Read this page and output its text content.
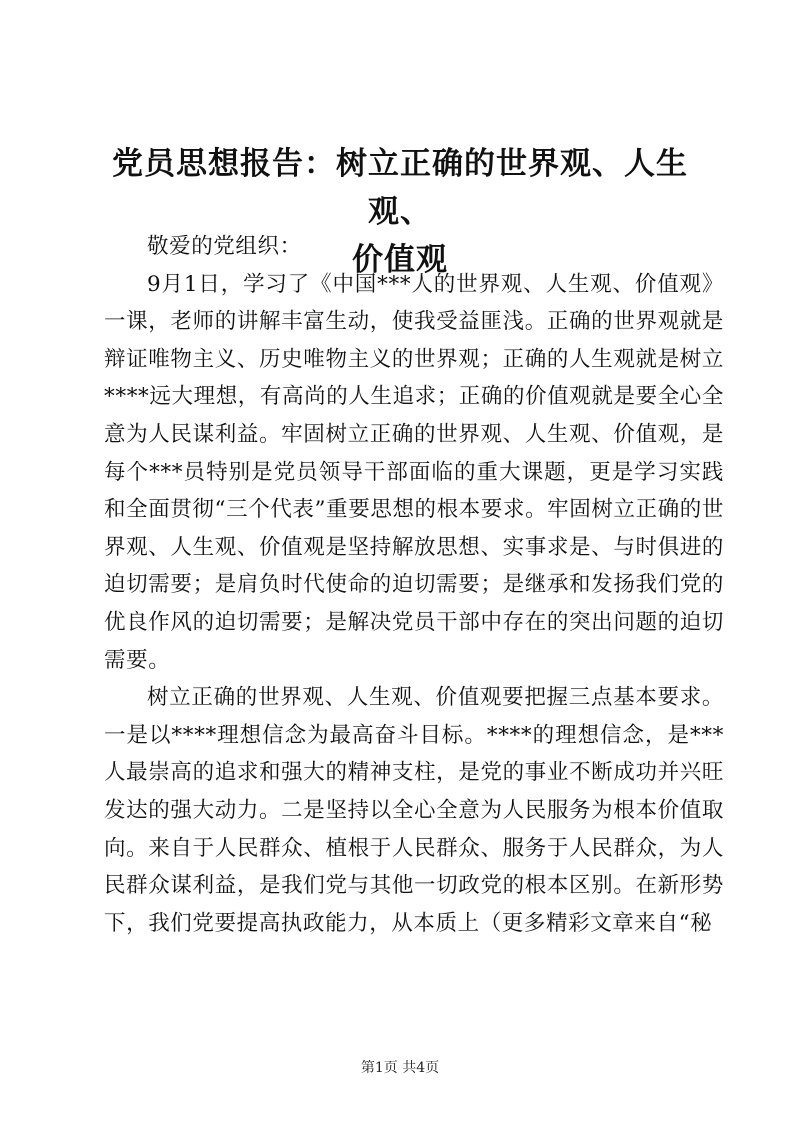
党员思想报告：树立正确的世界观、人生观、
价值观

敬爱的党组织：

9月1日，学习了《中国***人的世界观、人生观、价值观》一课，老师的讲解丰富生动，使我受益匪浅。正确的世界观就是辩证唯物主义、历史唯物主义的世界观；正确的人生观就是树立****远大理想，有高尚的人生追求；正确的价值观就是要全心全意为人民谋利益。牢固树立正确的世界观、人生观、价值观，是每个***员特别是党员领导干部面临的重大课题，更是学习实践和全面贯彻“三个代表”重要思想的根本要求。牢固树立正确的世界观、人生观、价值观是坚持解放思想、实事求是、与时俱进的迫切需要；是肩负时代使命的迫切需要；是继承和发扬我们党的优良作风的迫切需要；是解决党员干部中存在的突出问题的迫切需要。

树立正确的世界观、人生观、价值观要把握三点基本要求。一是以****理想信念为最高奋斗目标。****的理想信念，是***人最崇高的追求和强大的精神支柱，是党的事业不断成功并兴旺发达的强大动力。二是坚持以全心全意为人民服务为根本价值取向。来自于人民群众、植根于人民群众、服务于人民群众，为人民群众谋利益，是我们党与其他一切政党的根本区别。在新形势下，我们党要提高执政能力，从本质上（更多精彩文章来自“秘

第1页 共4页
